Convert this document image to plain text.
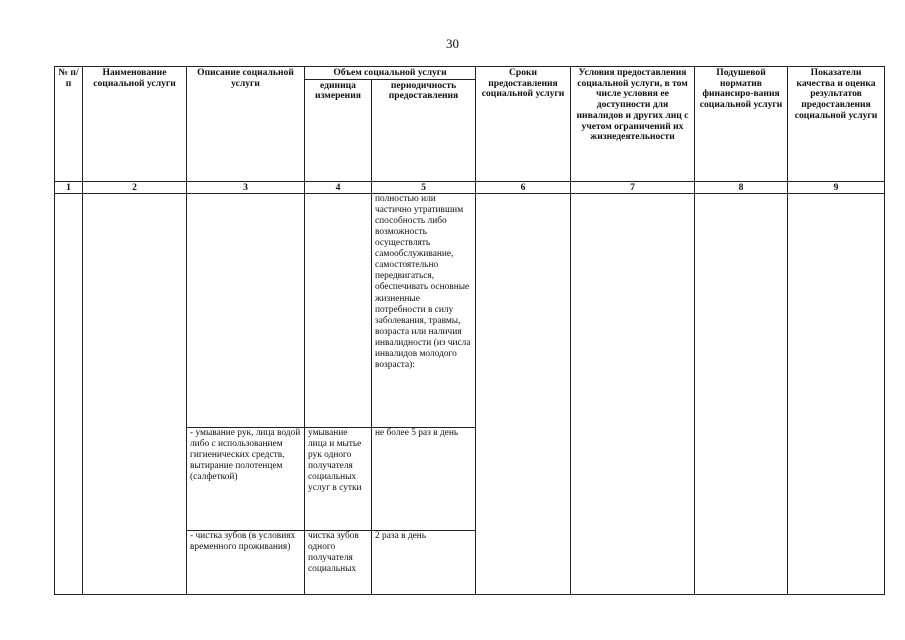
30
№ п/п	Наименование социальной услуги	Описание социальной услуги	Объем социальной услуги		Сроки предоставления социальной услуги	Условия предоставления социальной услуги, в том числе условия ее доступности для инвалидов и других лиц с учетом ограничений их жизнедеятельности	Подушевой норматив финансиро-вания социальной услуги	Показатели качества и оценка результатов предоставления социальной услуги
			единица измерения	периодичность предоставления				
1	2	3	4	5	6	7	8	9
				полностью или частично утратившим способность либо возможность осуществлять самообслуживание, самостоятельно передвигаться, обеспечивать основные жизненные потребности в силу заболевания, травмы, возраста или наличия инвалидности (из числа инвалидов молодого возраста):				
		- умывание рук, лица водой либо с использованием гигиенических средств, вытирание полотенцем (салфеткой)	умывание лица и мытье рук одного получателя социальных услуг в сутки	не более 5 раз в день				
		- чистка зубов (в условиях временного проживания)	чистка зубов одного получателя социальных	2 раза в день				
